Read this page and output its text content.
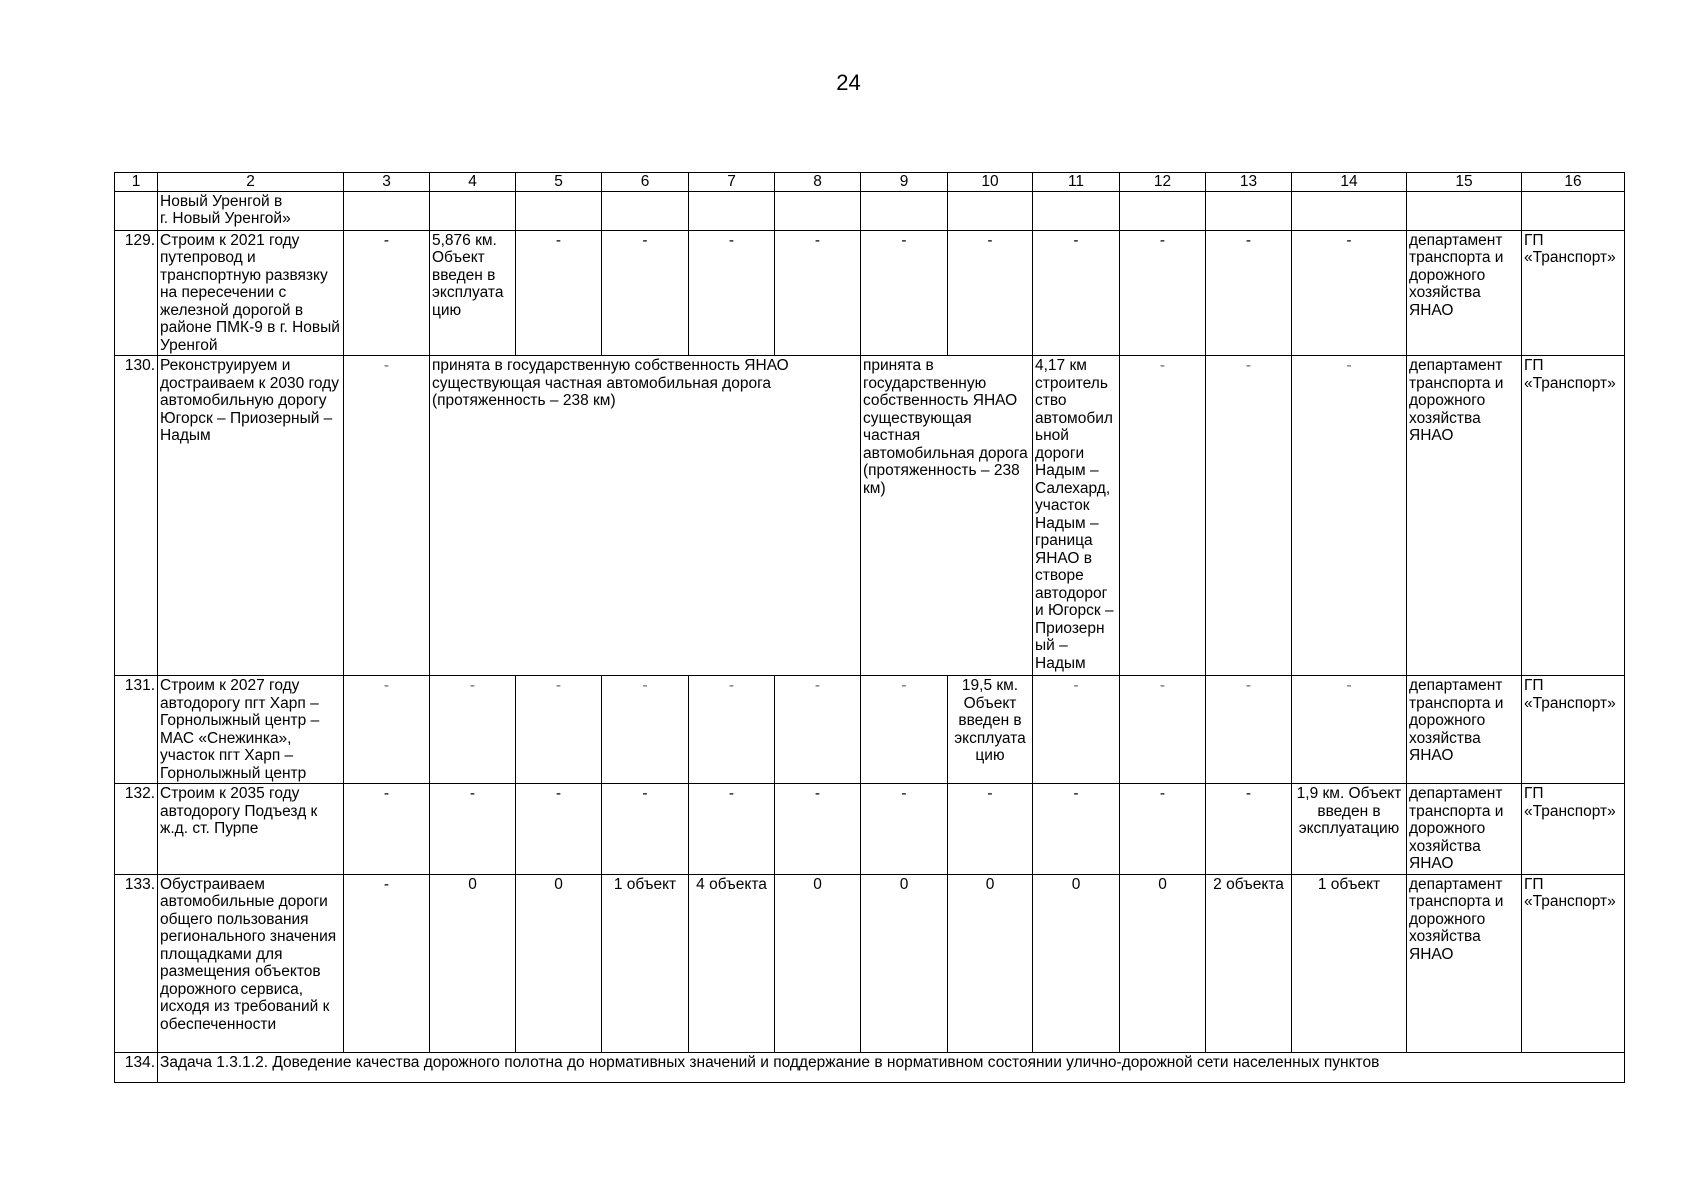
24
1	2	3	4	5	6	7	8	9	10	11	12	13	14	15	16
	Новый Уренгой в
г. Новый Уренгой»														
129.	Строим к 2021 году путепровод и транспортную развязку на пересечении с железной дорогой в районе ПМК-9 в г. Новый Уренгой	-	5,876 км. Объект введен в эксплуата цию	-	-	-	-	-	-	-	-	-	-	департамент транспорта и дорожного хозяйства ЯНАО	ГП «Транспорт»
130.	Реконструируем и достраиваем к 2030 году автомобильную дорогу Югорск – Приозерный – Надым	-	принята в государственную собственность ЯНАО существующая частная автомобильная дорога (протяженность – 238 км)					принята в государственную собственность ЯНАО существующая частная автомобильная дорога (протяженность – 238 км)		4,17 км строитель ство автомобил ьной дороги Надым – Салехард, участок Надым – граница ЯНАО в створе автодорог и Югорск – Приозерн ый – Надым	-	-	-	департамент транспорта и дорожного хозяйства ЯНАО	ГП «Транспорт»
131.	Строим к 2027 году автодорогу пгт Харп – Горнолыжный центр – МАС «Снежинка», участок пгт Харп – Горнолыжный центр	-	-	-	-	-	-	-	19,5 км. Объект введен в эксплуата цию	-	-	-	-	департамент транспорта и дорожного хозяйства ЯНАО	ГП «Транспорт»
132.	Строим к 2035 году автодорогу Подъезд к ж.д. ст. Пурпе	-	-	-	-	-	-	-	-	-	-	-	1,9 км. Объект введен в эксплуатацию	департамент транспорта и дорожного хозяйства ЯНАО	ГП «Транспорт»
133.	Обустраиваем автомобильные дороги общего пользования регионального значения площадками для размещения объектов дорожного сервиса, исходя из требований к обеспеченности	-	0	0	1 объект	4 объекта	0	0	0	0	0	2 объекта	1 объект	департамент транспорта и дорожного хозяйства ЯНАО	ГП «Транспорт»
134.	Задача 1.3.1.2. Доведение качества дорожного полотна до нормативных значений и поддержание в нормативном состоянии улично-дорожной сети населенных пунктов														
